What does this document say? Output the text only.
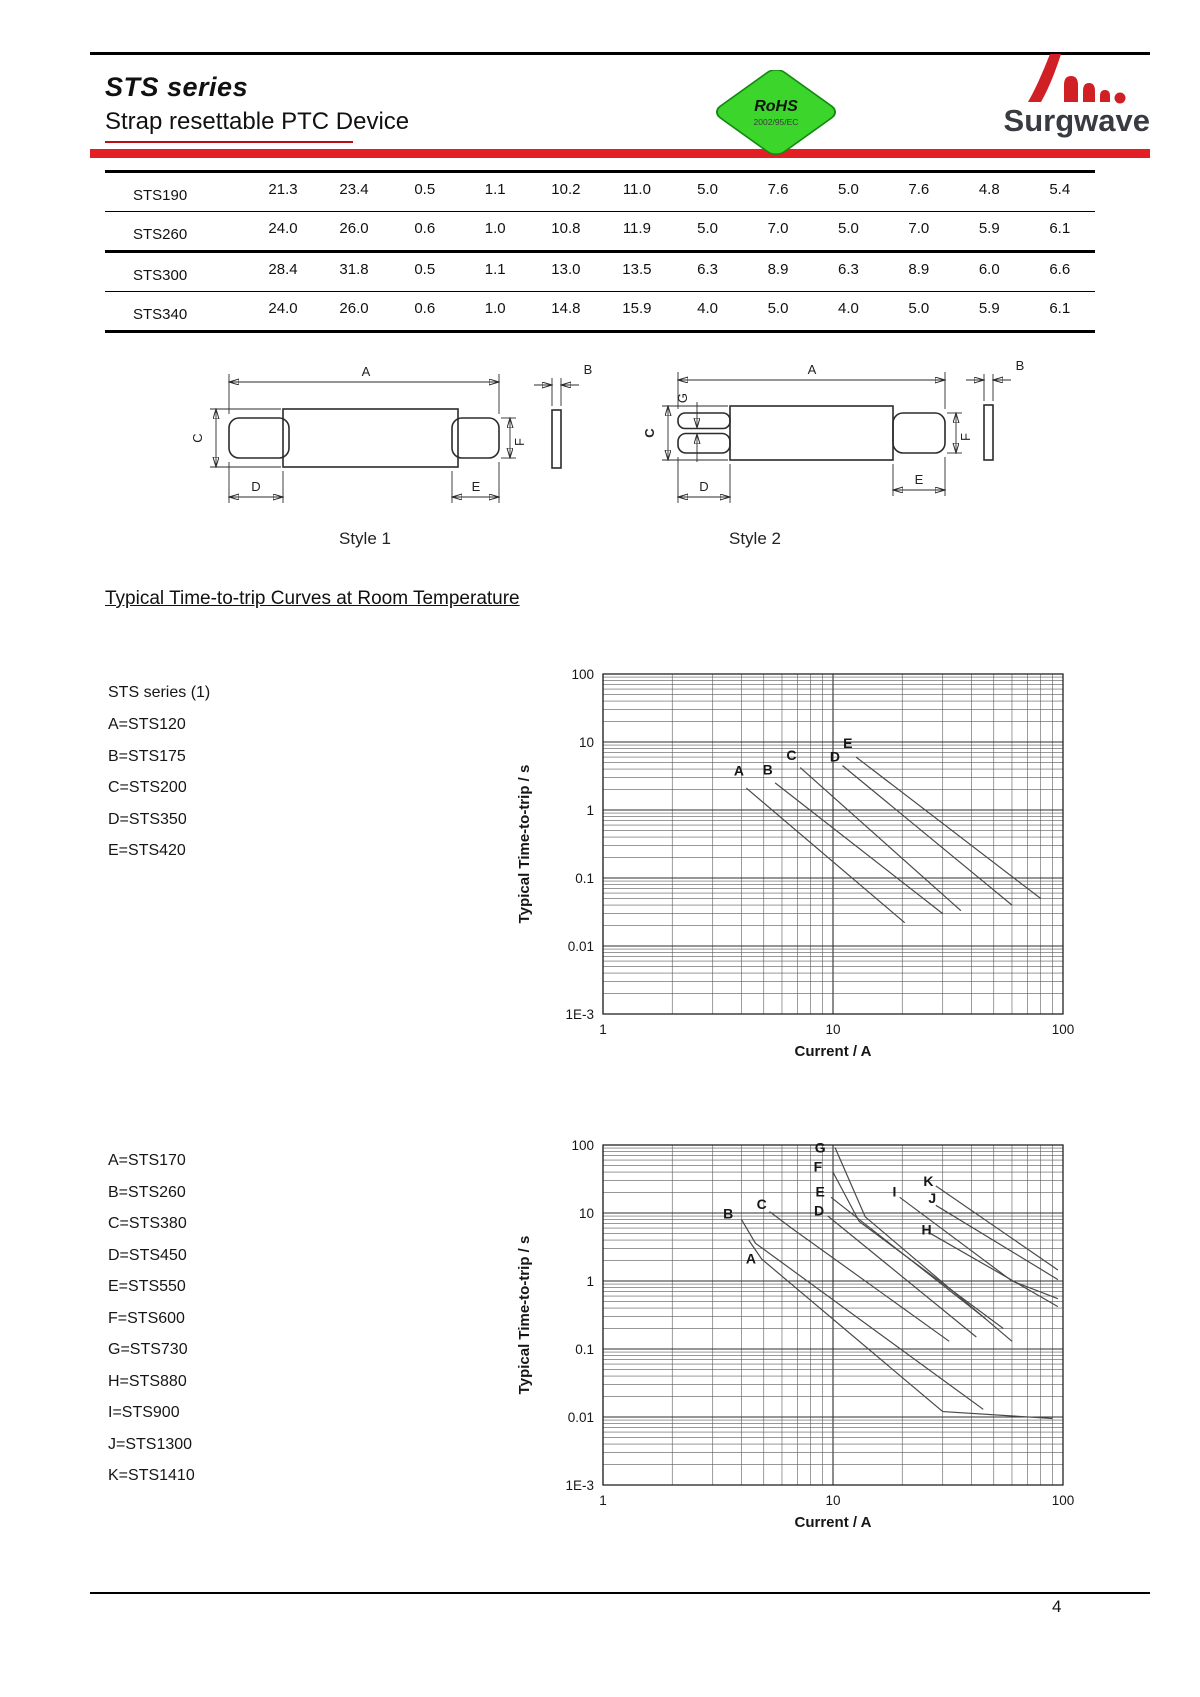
STS series
Strap resettable PTC Device
RoHS
2002/95/EC	Surgwave
STS190	21.3	23.4	0.5	1.1	10.2	11.0	5.0	7.6	5.0	7.6	4.8	5.4
STS260	24.0	26.0	0.6	1.0	10.8	11.9	5.0	7.0	5.0	7.0	5.9	6.1
STS300	28.4	31.8	0.5	1.1	13.0	13.5	6.3	8.9	6.3	8.9	6.0	6.6
STS340	24.0	26.0	0.6	1.0	14.8	15.9	4.0	5.0	4.0	5.0	5.9	6.1
A	B
C	F
D	E
Style 1
A	B
C
G
F
D	E
Style 2
Typical Time-to-trip Curves at Room Temperature
STS series (1)
A=STS120
B=STS175
C=STS200
D=STS350
E=STS420
100
10
1
0.1
0.01
1E-3
1	10	100
Typical Time-to-trip / s
Current / A
A B
C D
E
A=STS170
B=STS260
C=STS380
D=STS450
E=STS550
F=STS600
G=STS730
H=STS880
I=STS900
J=STS1300
K=STS1410
100
10
1
0.1
0.01
1E-3
1	10	100
Typical Time-to-trip / s
Current / A
A
B
C	D
E
F
G
H
I J
K
4
